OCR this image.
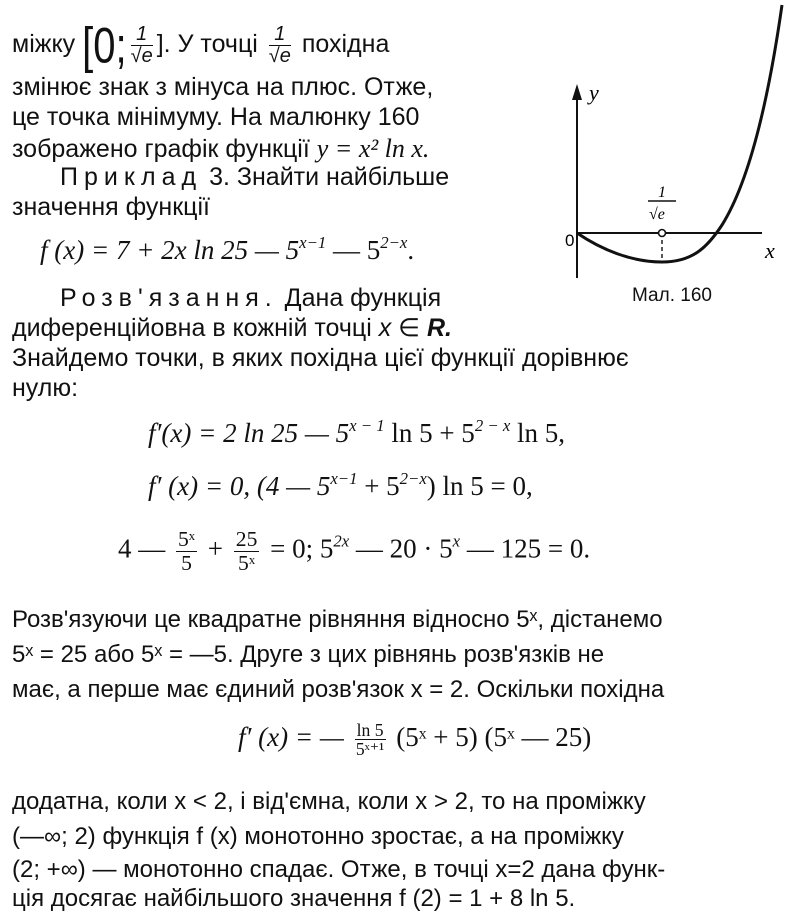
y
x
0
1
√e
Мал. 160
міжку [0; $\frac{1}{√e}$ ]. У точці $\frac{1}{√e}$ похідна
змінює знак з мінуса на плюс. Отже,
це точка мінімуму. На малюнку 160
зображено графік функції y = x² ln x.
Приклад 3. Знайти найбільше
значення функції
f (x) = 7 + 2x ln 25 — $5^{x-1}$ — $5^{2-x}$.
Розв'язання. Дана функція
диференційовна в кожній точці x ∈ R.
Знайдемо точки, в яких похідна цієї функції дорівнює
нулю:
f′(x) = 2 ln 25 — $5^{x - 1}$ $\ln 5 + 5^{2 - x}$ ln 5,
f′ (x) = 0, (4 — $5^{x-1} + 5^{2-x}$) ln 5 = 0,
4 — $\frac{\text{5ˣ}}{5} + \frac{25}{\text{5ˣ}} = 0$; $5^{2x}$ — $20 \cdot 5^x$ — 125 = 0.
Розв'язуючи це квадратне рівняння відносно 5ˣ, дістанемо
5ˣ = 25 або 5ˣ = —5. Друге з цих рівнянь розв'язків не
має, а перше має єдиний розв'язок x = 2. Оскільки похідна
f′ (x) = — $\frac{\ln 5}{\text{5ˣ⁺¹}}$ (5ˣ + 5) (5ˣ — 25)
додатна, коли x < 2, і від'ємна, коли x > 2, то на проміжку
(—∞; 2) функція f (x) монотонно зростає, а на проміжку
(2; +∞) — монотонно спадає. Отже, в точці x=2 дана функ-
ція досягає найбільшого значення f (2) = 1 + 8 ln 5.
